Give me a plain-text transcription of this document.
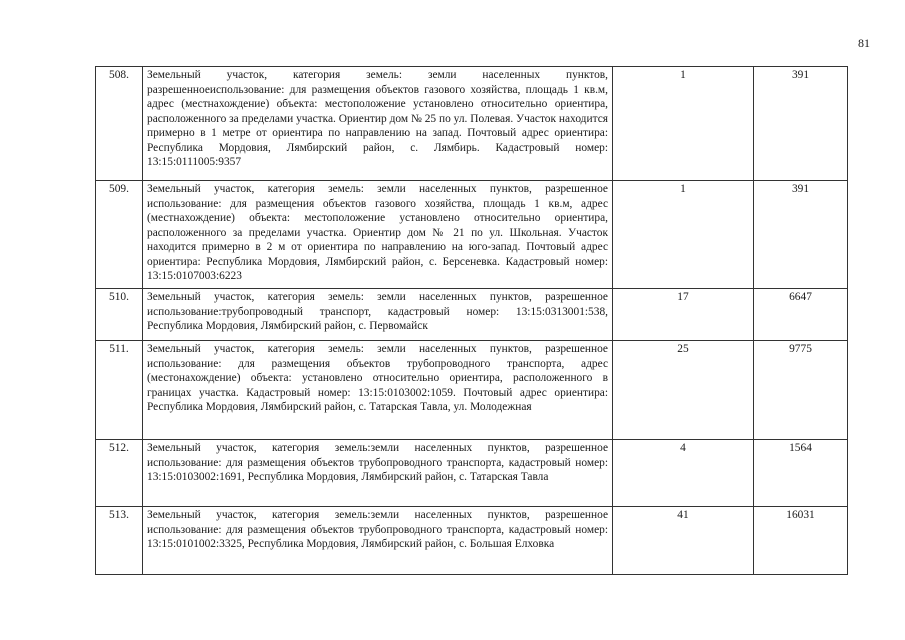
81
508.	Земельный участок, категория земель: земли населенных пунктов, разрешенноеиспользование: для размещения объектов газового хозяйства, площадь 1 кв.м, адрес (местнахождение) объекта: местоположение установлено относительно ориентира, расположенного за пределами участка. Ориентир дом № 25 по ул. Полевая. Участок находится примерно в 1 метре от ориентира по направлению на запад. Почтовый адрес ориентира: Республика Мордовия, Лямбирский район, с. Лямбирь. Кадастровый номер: 13:15:0111005:9357	1	391
509.	Земельный участок, категория земель: земли населенных пунктов, разрешенное использование: для размещения объектов газового хозяйства, площадь 1 кв.м, адрес (местнахождение) объекта: местоположение установлено относительно ориентира, расположенного за пределами участка. Ориентир дом № 21 по ул. Школьная. Участок находится примерно в 2 м от ориентира по направлению на юго-запад. Почтовый адрес ориентира: Республика Мордовия, Лямбирский район, с. Берсеневка. Кадастровый номер: 13:15:0107003:6223	1	391
510.	Земельный участок, категория земель: земли населенных пунктов, разрешенное использование:трубопроводный транспорт, кадастровый номер: 13:15:0313001:538, Республика Мордовия, Лямбирский район, с. Первомайск	17	6647
511.	Земельный участок, категория земель: земли населенных пунктов, разрешенное использование: для размещения объектов трубопроводного транспорта, адрес (местонахождение) объекта: установлено относительно ориентира, расположенного в границах участка. Кадастровый номер: 13:15:0103002:1059. Почтовый адрес ориентира: Республика Мордовия, Лямбирский район, с. Татарская Тавла, ул. Молодежная	25	9775
512.	Земельный участок, категория земель:земли населенных пунктов, разрешенное использование: для размещения объектов трубопроводного транспорта, кадастровый номер: 13:15:0103002:1691, Республика Мордовия, Лямбирский район, с. Татарская Тавла	4	1564
513.	Земельный участок, категория земель:земли населенных пунктов, разрешенное использование: для размещения объектов трубопроводного транспорта, кадастровый номер: 13:15:0101002:3325, Республика Мордовия, Лямбирский район, с. Большая Елховка	41	16031
